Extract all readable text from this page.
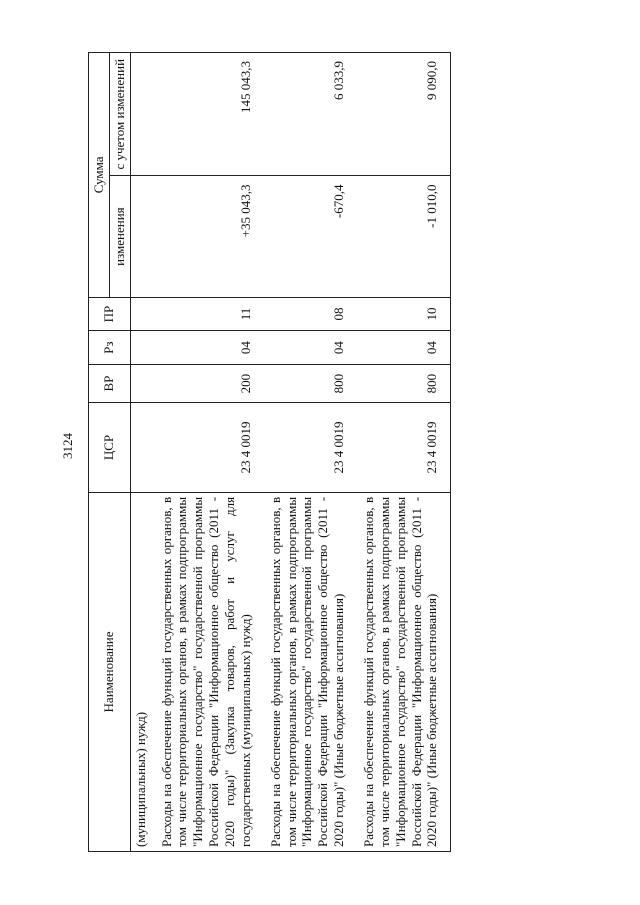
3124
Наименование	ЦСР	ВР	Рз	ПР	Сумма	
					изменения	с учетом изменений
(муниципальных) нужд)						
Расходы на обеспечение функций государственных органов, в том числе территориальных органов, в рамках подпрограммы "Информационное государство" государственной программы Российской Федерации "Информационное общество (2011 - 2020 годы)" (Закупка товаров, работ и услуг для государственных (муниципальных) нужд)	23 4 0019	200	04	11	+35 043,3	145 043,3
Расходы на обеспечение функций государственных органов, в том числе территориальных органов, в рамках подпрограммы "Информационное государство" государственной программы Российской Федерации "Информационное общество (2011 - 2020 годы)" (Иные бюджетные ассигнования)	23 4 0019	800	04	08	-670,4	6 033,9
Расходы на обеспечение функций государственных органов, в том числе территориальных органов, в рамках подпрограммы "Информационное государство" государственной программы Российской Федерации "Информационное общество (2011 - 2020 годы)" (Иные бюджетные ассигнования)	23 4 0019	800	04	10	-1 010,0	9 090,0
